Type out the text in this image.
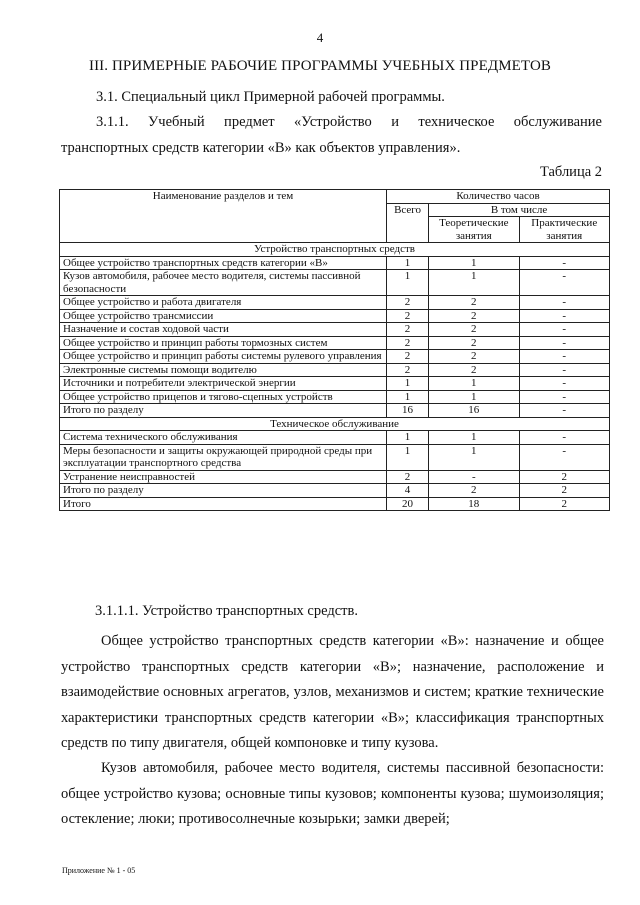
4
III. ПРИМЕРНЫЕ РАБОЧИЕ ПРОГРАММЫ УЧЕБНЫХ ПРЕДМЕТОВ
3.1. Специальный цикл Примерной рабочей программы.
3.1.1. Учебный предмет «Устройство и техническое обслуживание
транспортных средств категории «В» как объектов управления».
Таблица 2
Наименование разделов и тем	Количество часов		
	Всего	В том числе	
		Теоретические занятия	Практические занятия
Устройство транспортных средств			
Общее устройство транспортных средств категории «В»	1	1	-
Кузов автомобиля, рабочее место водителя, системы пассивной безопасности	1	1	-
Общее устройство и работа двигателя	2	2	-
Общее устройство трансмиссии	2	2	-
Назначение и состав ходовой части	2	2	-
Общее устройство и принцип работы тормозных систем	2	2	-
Общее устройство и принцип работы системы рулевого управления	2	2	-
Электронные системы помощи водителю	2	2	-
Источники и потребители электрической энергии	1	1	-
Общее устройство прицепов и тягово-сцепных устройств	1	1	-
Итого по разделу	16	16	-
Техническое обслуживание			
Система технического обслуживания	1	1	-
Меры безопасности и защиты окружающей природной среды при эксплуатации транспортного средства	1	1	-
Устранение неисправностей	2	-	2
Итого по разделу	4	2	2
Итого	20	18	2
3.1.1.1. Устройство транспортных средств.
Общее устройство транспортных средств категории «В»: назначение и общее устройство транспортных средств категории «В»; назначение, расположение и взаимодействие основных агрегатов, узлов, механизмов и систем; краткие технические характеристики транспортных средств категории «В»; классификация транспортных средств по типу двигателя, общей компоновке и типу кузова.
Кузов автомобиля, рабочее место водителя, системы пассивной безопасности: общее устройство кузова; основные типы кузовов; компоненты кузова; шумоизоляция; остекление; люки; противосолнечные козырьки; замки дверей;
Приложение № 1 - 05
